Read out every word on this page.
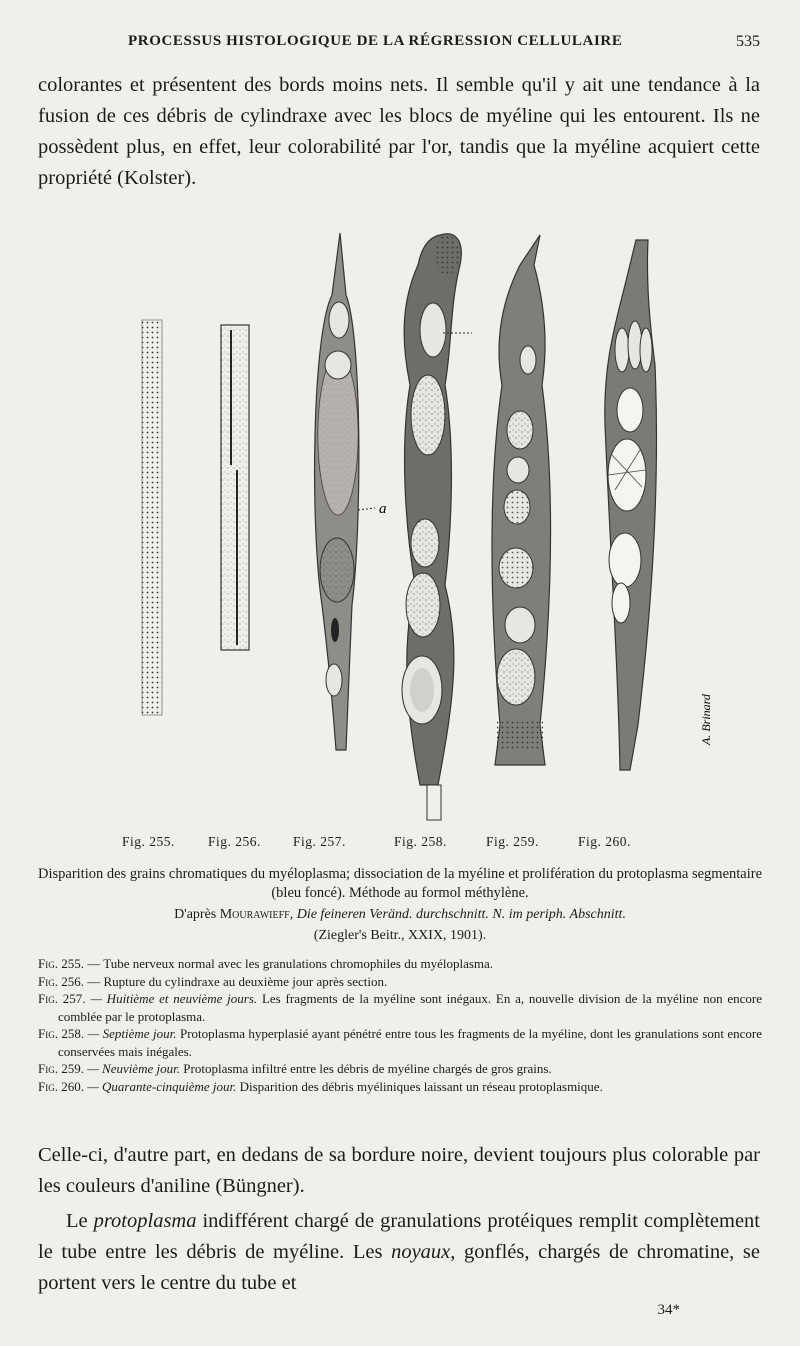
PROCESSUS HISTOLOGIQUE DE LA RÉGRESSION CELLULAIRE	535

colorantes et présentent des bords moins nets. Il semble qu'il y ait une tendance à la fusion de ces débris de cylindraxe avec les blocs de myéline qui les entourent. Ils ne possèdent plus, en effet, leur colorabilité par l'or, tandis que la myéline acquiert cette propriété (Kolster).

a
A. Brinard
Fig. 255. Fig. 256. Fig. 257.	Fig. 258.	Fig. 259.	Fig. 260.

Disparition des grains chromatiques du myéloplasma; dissociation de la myéline et prolifération du protoplasma segmentaire (bleu foncé). Méthode au formol méthylène.

D'après Mourawieff, Die feineren Veränd. durchschnitt. N. im periph. Abschnitt.

(Ziegler's Beitr., XXIX, 1901).

Fig. 255. — Tube nerveux normal avec les granulations chromophiles du myéloplasma.

Fig. 256. — Rupture du cylindraxe au deuxième jour après section.

Fig. 257. — Huitième et neuvième jours. Les fragments de la myéline sont inégaux. En a, nouvelle division de la myéline non encore comblée par le protoplasma.

Fig. 258. — Septième jour. Protoplasma hyperplasié ayant pénétré entre tous les fragments de la myéline, dont les granulations sont encore conservées mais inégales.

Fig. 259. — Neuvième jour. Protoplasma infiltré entre les débris de myéline chargés de gros grains.

Fig. 260. — Quarante-cinquième jour. Disparition des débris myéliniques laissant un réseau protoplasmique.

Celle-ci, d'autre part, en dedans de sa bordure noire, devient toujours plus colorable par les couleurs d'aniline (Büngner).

Le protoplasma indifférent chargé de granulations protéiques remplit complètement le tube entre les débris de myéline. Les noyaux, gonflés, chargés de chromatine, se portent vers le centre du tube et

34*
